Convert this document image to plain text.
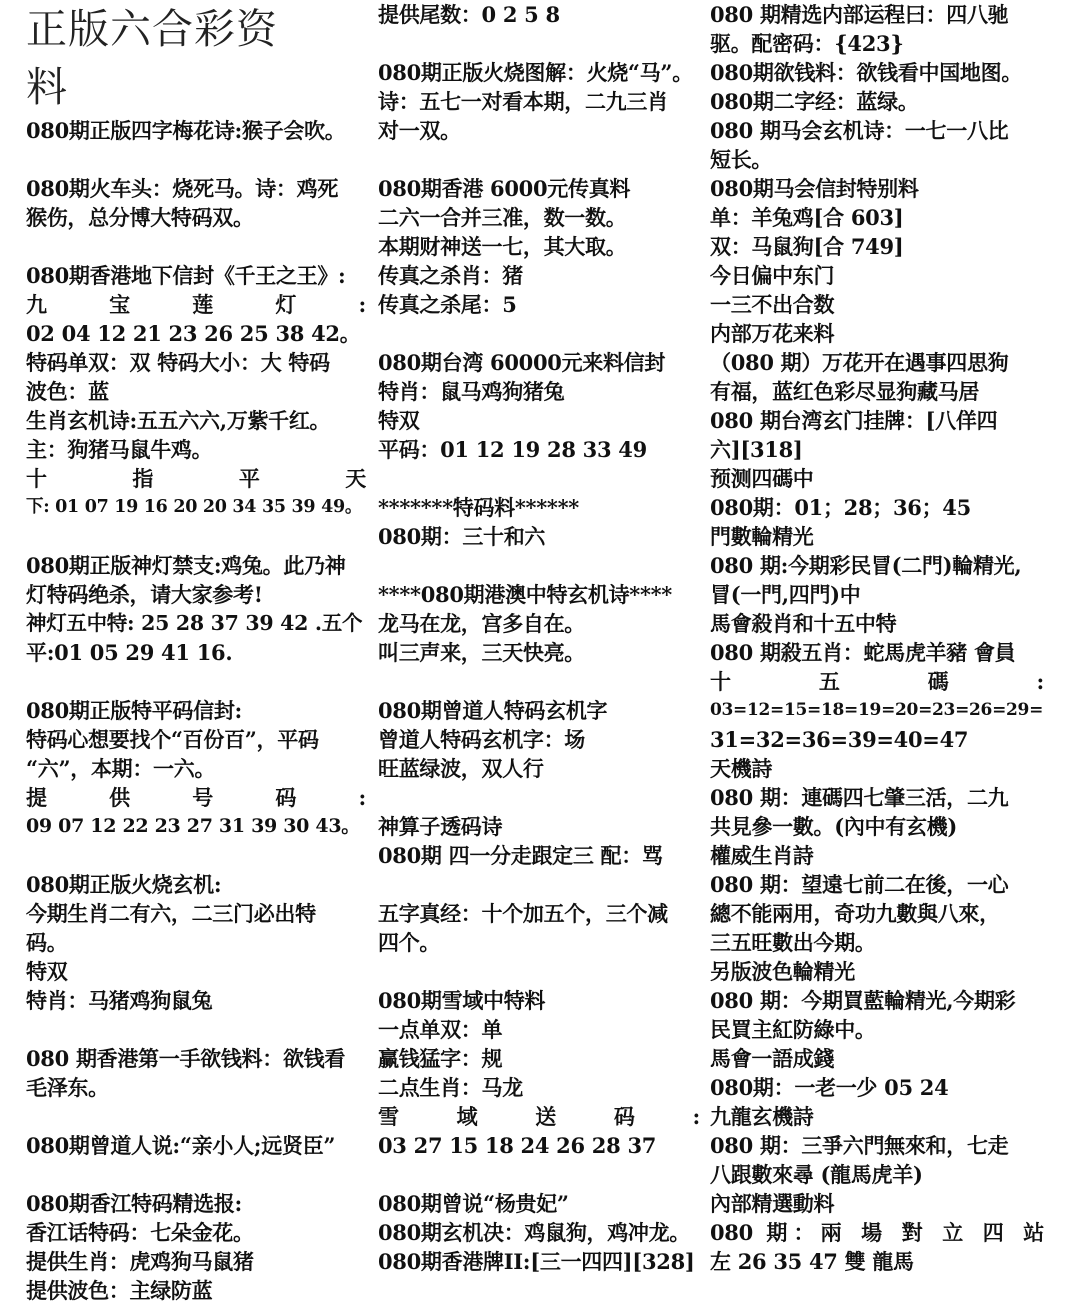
正版六合彩资
料
080期正版四字梅花诗:猴子会吹。
080期火车头：烧死马。诗：鸡死
猴伤，总分博大特码双。
080期香港地下信封《千王之王》:
九 宝 莲 灯 :
02 04 12 21 23 26 25 38 42。
特码单双：双 特码大小：大 特码
波色：蓝
生肖玄机诗:五五六六,万紫千红。
主：狗猪马鼠牛鸡。
十 指 平 天
下: 01 07 19 16 20 20 34 35 39 49。
080期正版神灯禁支:鸡兔。此乃神
灯特码绝杀，请大家参考!
神灯五中特: 25 28 37 39 42 .五个
平:01 05 29 41 16.
080期正版特平码信封:
特码心想要找个“百份百”，平码
“六”，本期：一六。
提 供 号 码 :
09 07 12 22 23 27 31 39 30 43。
080期正版火烧玄机:
今期生肖二有六，二三门必出特
码。
特双
特肖：马猪鸡狗鼠兔
080 期香港第一手欲钱料：欲钱看
毛泽东。
080期曾道人说:“亲小人;远贤臣”
080期香江特码精选报:
香江话特码：七朵金花。
提供生肖：虎鸡狗马鼠猪
提供波色：主绿防蓝
提供尾数：0 2 5 8
080期正版火烧图解：火烧“马”。
诗：五七一对看本期，二九三肖
对一双。
080期香港 6000元传真料
二六一合并三准，数一数。
本期财神送一七，其大取。
传真之杀肖：猪
传真之杀尾：5
080期台湾 60000元来料信封
特肖：鼠马鸡狗猪兔
特双
平码：01 12 19 28 33 49
*******特码料******
080期：三十和六
****080期港澳中特玄机诗****
龙马在龙，宫多自在。
叫三声来，三天快亮。
080期曾道人特码玄机字
曾道人特码玄机字：场
旺蓝绿波，双人行
神算子透码诗
080期 四一分走跟定三 配：骂
五字真经：十个加五个，三个减
四个。
080期雪域中特料
一点单双：单
赢钱猛字：规
二点生肖：马龙
雪 域 送 码 :
03 27 15 18 24 26 28 37
080期曾说“杨贵妃”
080期玄机决：鸡鼠狗，鸡冲龙。
080期香港牌II:[三一四四][328]
080 期精选内部运程曰：四八驰
驱。配密码：{423}
080期欲钱料：欲钱看中国地图。
080期二字经：蓝绿。
080 期马会玄机诗：一七一八比
短长。
080期马会信封特别料
单：羊兔鸡[合 603]
双：马鼠狗[合 749]
今日偏中东门
一三不出合数
内部万花来料
（080 期）万花开在遇事四思狗
有福，蓝红色彩尽显狗藏马居
080 期台湾玄门挂牌：[八佯四
六][318]
预测四碼中
080期：01；28；36；45
門數輪精光
080 期:今期彩民冒(二門)輪精光,
冒(一門,四門)中
馬會殺肖和十五中特
080 期殺五肖：蛇馬虎羊豬 會員
十 五 碼 :
03=12=15=18=19=20=23=26=29=
31=32=36=39=40=47
天機詩
080 期：連碼四七肇三活，二九
共見參一數。(內中有玄機)
權威生肖詩
080 期：望遠七前二在後，一心
總不能兩用，奇功九數與八來，
三五旺數出今期。
另版波色輪精光
080 期：今期買藍輪精光,今期彩
民買主紅防綠中。
馬會一語成錢
080期：一老一少 05 24
九龍玄機詩
080 期：三爭六門無來和，七走
八跟數來尋 (龍馬虎羊)
內部精選動料
080 期：兩 場 對 立 四 站
左 26 35 47 雙 龍馬
